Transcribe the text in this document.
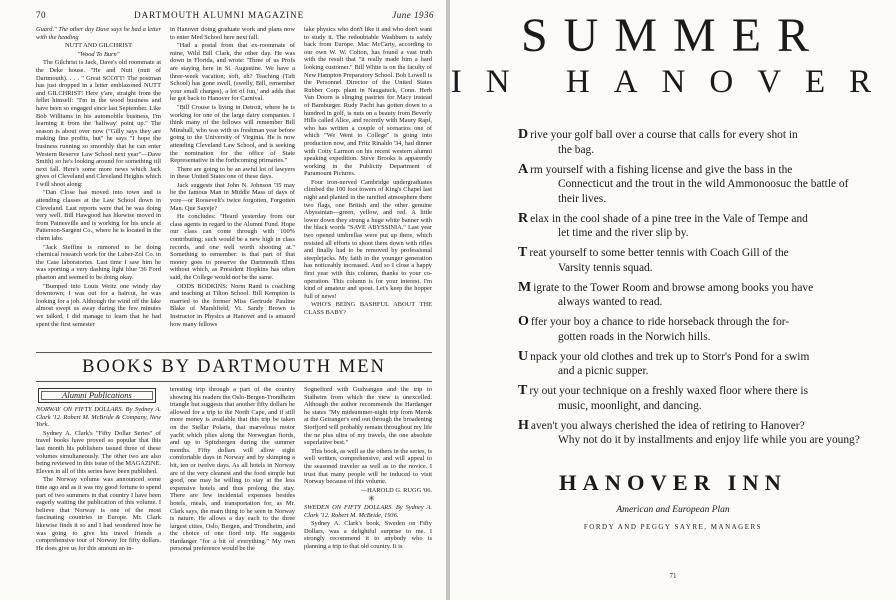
70	DARTMOUTH ALUMNI MAGAZINE	June 1936

Guard." The other day Dave says he had a letter with the heading

NUTT AND GILCHRIST

"Wood To Burn"

The Gilchrist is Jack, Dave's old roommate at the Deke house. "He and Nutt (nutt of Dartmouth). . . . " Great SCOTT! The postman has just dropped in a letter emblazoned NUTT and GILCHRIST! Here y'are, straight from the fellet himself: "I'm in the wood business and have been so engaged since last September. Like Bob Williams in his automobile business, I'm learning it from the 'halfway' point up." The season is about over now ("Gilly says they are making fine profits, but" he says "I hope the business running so smoothly that he can enter Western Reserve Law School next year"—Dave Smith) so he's looking around for something till next fall. Here's some more news which Jack gives of Cleveland and Cleveland Heights which I will shoot along:

"Dan Close has moved into town and is attending classes at the Law School down in Cleveland. Last reports were that he was doing very well. Bill Hawgood has likewise moved in from Painesville and is working for his uncle at Patterson-Sargent Co., where he is located in the chem labs.

"Jack Steffins is rumored to be doing chemical research work for the Luber-Zol Co. in the Case laboratories. Last time I saw him he was sporting a very dashing light blue '36 Ford phaeton and seemed to be doing okay.

"Bumped into Louis Weitz one windy day downtown; I was out for a haircut, he was looking for a job. Although the wind off the lake almost swept us away during the few minutes we talked, I did manage to learn that he had spent the first semester

in Hanover doing graduate work and plans now to enter Med School here next fall.

"Had a postal from that ex-roommate of mine, Wild Bill Clark, the other day. He was down in Florida, and wrote: 'Three of us Profs are staying here in St. Augustine. We have a three-week vacation; soft, eh? Teaching (Taft School) has gone swell, (swelly, Bill, remember your small charges), a lot of fun,' and adds that he got back to Hanover for Carnival.

"Bill Crouse is living in Detroit, where he is working for one of the large dairy companies. I think many of the fellows will remember Bill Minshall, who was with us freshman year before going to the University of Virginia. He is now attending Cleveland Law School, and is seeking the nomination for the office of State Representative in the forthcoming primaries."

There are going to be an awful lot of lawyers in these United States one of these days.

Jack suggests that John N. Johnson '35 may be the famous Man in Middle Mass of days of yore—or Roosevelt's twice forgotten, Forgotten Man. Que Sayeje?

He concludes: "Heard yesterday from our class agents in regard to the Alumni Fund. Hope our class can come through with 100% contributing; such would be a new high in class records, and one well worth shooting at." Something to remember: is that part of that money goes to preserve the Dartmouth Elms without which, as President Hopkins has often said, the College would not be the same.

ODDS BODKINS: Norm Rand is coaching and teaching at Tilton School. Bill Kempton is married to the former Miss Gertrude Pauline Blake of Marshfield, Vt. Sandy Brown is Instructor in Physics at Hanover and is amazed how many fellows

take physics who don't like it and who don't want to study it. The redoubtable Washburn is safely back from Europe. Mac McCarty, according to our own W. W. Colton, has found a vast truth with the result that "it really made him a hard looking customer." Bill White is on the faculty of New Hampton Preparatory School. Bob Lowell is the Personnel Director of the United States Rubber Corp. plant in Naugatuck, Conn. Herb Van Doorn is slinging pastries for Macy instead of Bamburger. Rudy Pacht has gotten down to a hundred in golf, is nuts on a beauty from Beverly Hills called Alice, and recently with Maury Rapf, who has written a couple of scenarios one of which "We Went to College" is going into production now, and Fritz Rinaldo '34, had dinner with Cotty Larmon on his recent western alumni speaking expedition. Steve Brooks is apparently working in the Publicity Department of Paramount Pictures.

Four iron-nerved Cambridge undergraduates climbed the 100 foot towers of King's Chapel last night and planted in the rarefied atmosphere there two flags, one British and the other genuine Abyssinian—green, yellow, and red. A little lower down they strung a huge white banner with the black words "SAVE ABYSSINIA." Last year two opened umbrellas were put up there, which resisted all efforts to shoot them down with rifles and finally had to be removed by professional steeplejacks. My faith in the younger generation has noticeably increased. And so I close a happy first year with this column, thanks to your co-operation. This column is for your interest. I'm kind of amateur and spout. Let's keep the hopper full of news!

WHO'S BEING BASHFUL ABOUT THE CLASS BABY?

BOOKS BY DARTMOUTH MEN
Alumni Publications

NORWAY ON FIFTY DOLLARS. By Sydney A. Clark '12. Robert M. McBride & Company, New York.

Sydney A. Clark's "Fifty Dollar Series" of travel books have proved so popular that this last month his publishers issued three of these volumes simultaneously. The other two are also being reviewed in this issue of the MAGAZINE. Eleven in all of this series have been published.

The Norway volume was announced some time ago and as it was my good fortune to spend part of two summers in that country I have been eagerly waiting the publication of this volume. I believe that Norway is one of the most fascinating countries in Europe. Mr. Clark likewise finds it so and I had wondered how he was going to give his travel friends a comprehensive tour of Norway for fifty dollars. He does give us for this amount an in-

teresting trip through a part of the country showing his readers the Oslo-Bergen-Trondheim triangle but suggests that another fifty dollars be allowed for a trip to the North Cape, and if still more money is available that this trip be taken on the Stellar Polaris, that marvelous motor yacht which plies along the Norwegian fiords, and up to Spitzbergen during the summer months. Fifty dollars will allow eight comfortable days in Norway and by skimping a bit, ten or twelve days. As all hotels in Norway are of the very cleanest and the food simple but good, one may be willing to stay at the less expensive hotels and thus prolong the stay. There are few incidental expenses besides hotels, meals, and transportation for, as Mr. Clark says, the main thing to be seen in Norway is nature. He allows a day each to the three largest cities, Oslo, Bergen, and Trondheim, and the choice of one fiord trip. He suggests Hardanger "for a bit of everything." My own personal preference would be the

Sognefiord with Gudvangen and the trip to Stalheim from which the view is unexcelled. Although the author recommends the Hardanger he states "My midsummer-night trip from Merok at the Geiranger's end out through the broadening Storfjord will probably remain throughout my life the ne plus ultra of my travels, the one absolute superlative best."

This book, as well as the others in the series, is well written, comprehensive, and will appeal to the seasoned traveler as well as to the novice. I trust that many people will be induced to visit Norway because of this volume.

—HAROLD G. RUGG '06.

✳

SWEDEN ON FIFTY DOLLARS. By Sydney A. Clark '12. Robert M. McBride, 1936.

Sydney A. Clark's book, Sweden on Fifty Dollars, was a delightful surprise to me. I strongly recommend it to anybody who is planning a trip to that old country. It is

SUMMER
IN HANOVER
D rive your golf ball over a course that calls for every shot in
the bag.
A rm yourself with a fishing license and give the bass in the
Connecticut and the trout in the wild Ammonoosuc the battle of their lives.
R elax in the cool shade of a pine tree in the Vale of Tempe and
let time and the river slip by.
T reat yourself to some better tennis with Coach Gill of the
Varsity tennis squad.
M igrate to the Tower Room and browse among books you have
always wanted to read.
O ffer your boy a chance to ride horseback through the for-
gotten roads in the Norwich hills.
U npack your old clothes and trek up to Storr's Pond for a swim
and a picnic supper.
T ry out your technique on a freshly waxed floor where there is
music, moonlight, and dancing.
H aven't you always cherished the idea of retiring to Hanover?
Why not do it by installments and enjoy life while you are young?
HANOVER INN
American and European Plan
FORDY AND PEGGY SAYRE, MANAGERS
71
